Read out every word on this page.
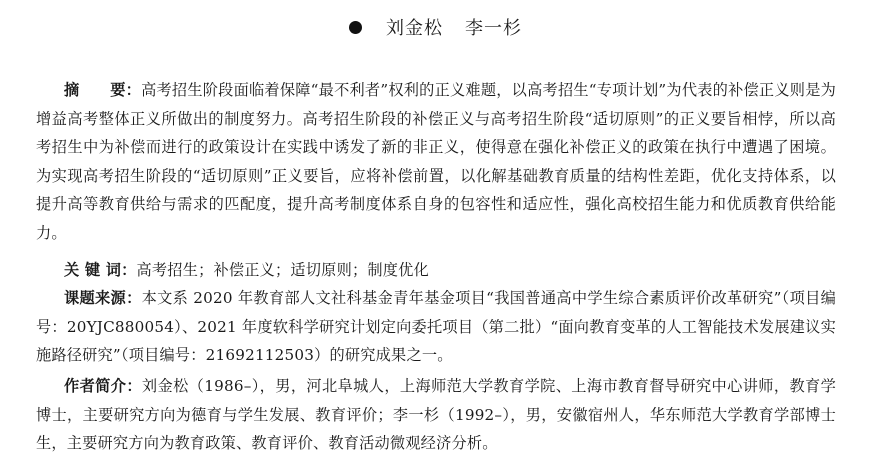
刘金松 李一杉
摘　　要：高考招生阶段面临着保障“最不利者”权利的正义难题，以高考招生“专项计划”为代表的补偿正义则是为增益高考整体正义所做出的制度努力。高考招生阶段的补偿正义与高考招生阶段“适切原则”的正义要旨相悖，所以高考招生中为补偿而进行的政策设计在实践中诱发了新的非正义，使得意在强化补偿正义的政策在执行中遭遇了困境。为实现高考招生阶段的“适切原则”正义要旨，应将补偿前置，以化解基础教育质量的结构性差距，优化支持体系，以提升高等教育供给与需求的匹配度，提升高考制度体系自身的包容性和适应性，强化高校招生能力和优质教育供给能力。
关 键 词：高考招生；补偿正义；适切原则；制度优化
课题来源：本文系 2020 年教育部人文社科基金青年基金项目“我国普通高中学生综合素质评价改革研究”（项目编号：20YJC880054）、2021 年度软科学研究计划定向委托项目（第二批）“面向教育变革的人工智能技术发展建议实施路径研究”（项目编号：21692112503）的研究成果之一。
作者简介：刘金松（1986–），男，河北阜城人，上海师范大学教育学院、上海市教育督导研究中心讲师，教育学博士，主要研究方向为德育与学生发展、教育评价；李一杉（1992–），男，安徽宿州人，华东师范大学教育学部博士生，主要研究方向为教育政策、教育评价、教育活动微观经济分析。
